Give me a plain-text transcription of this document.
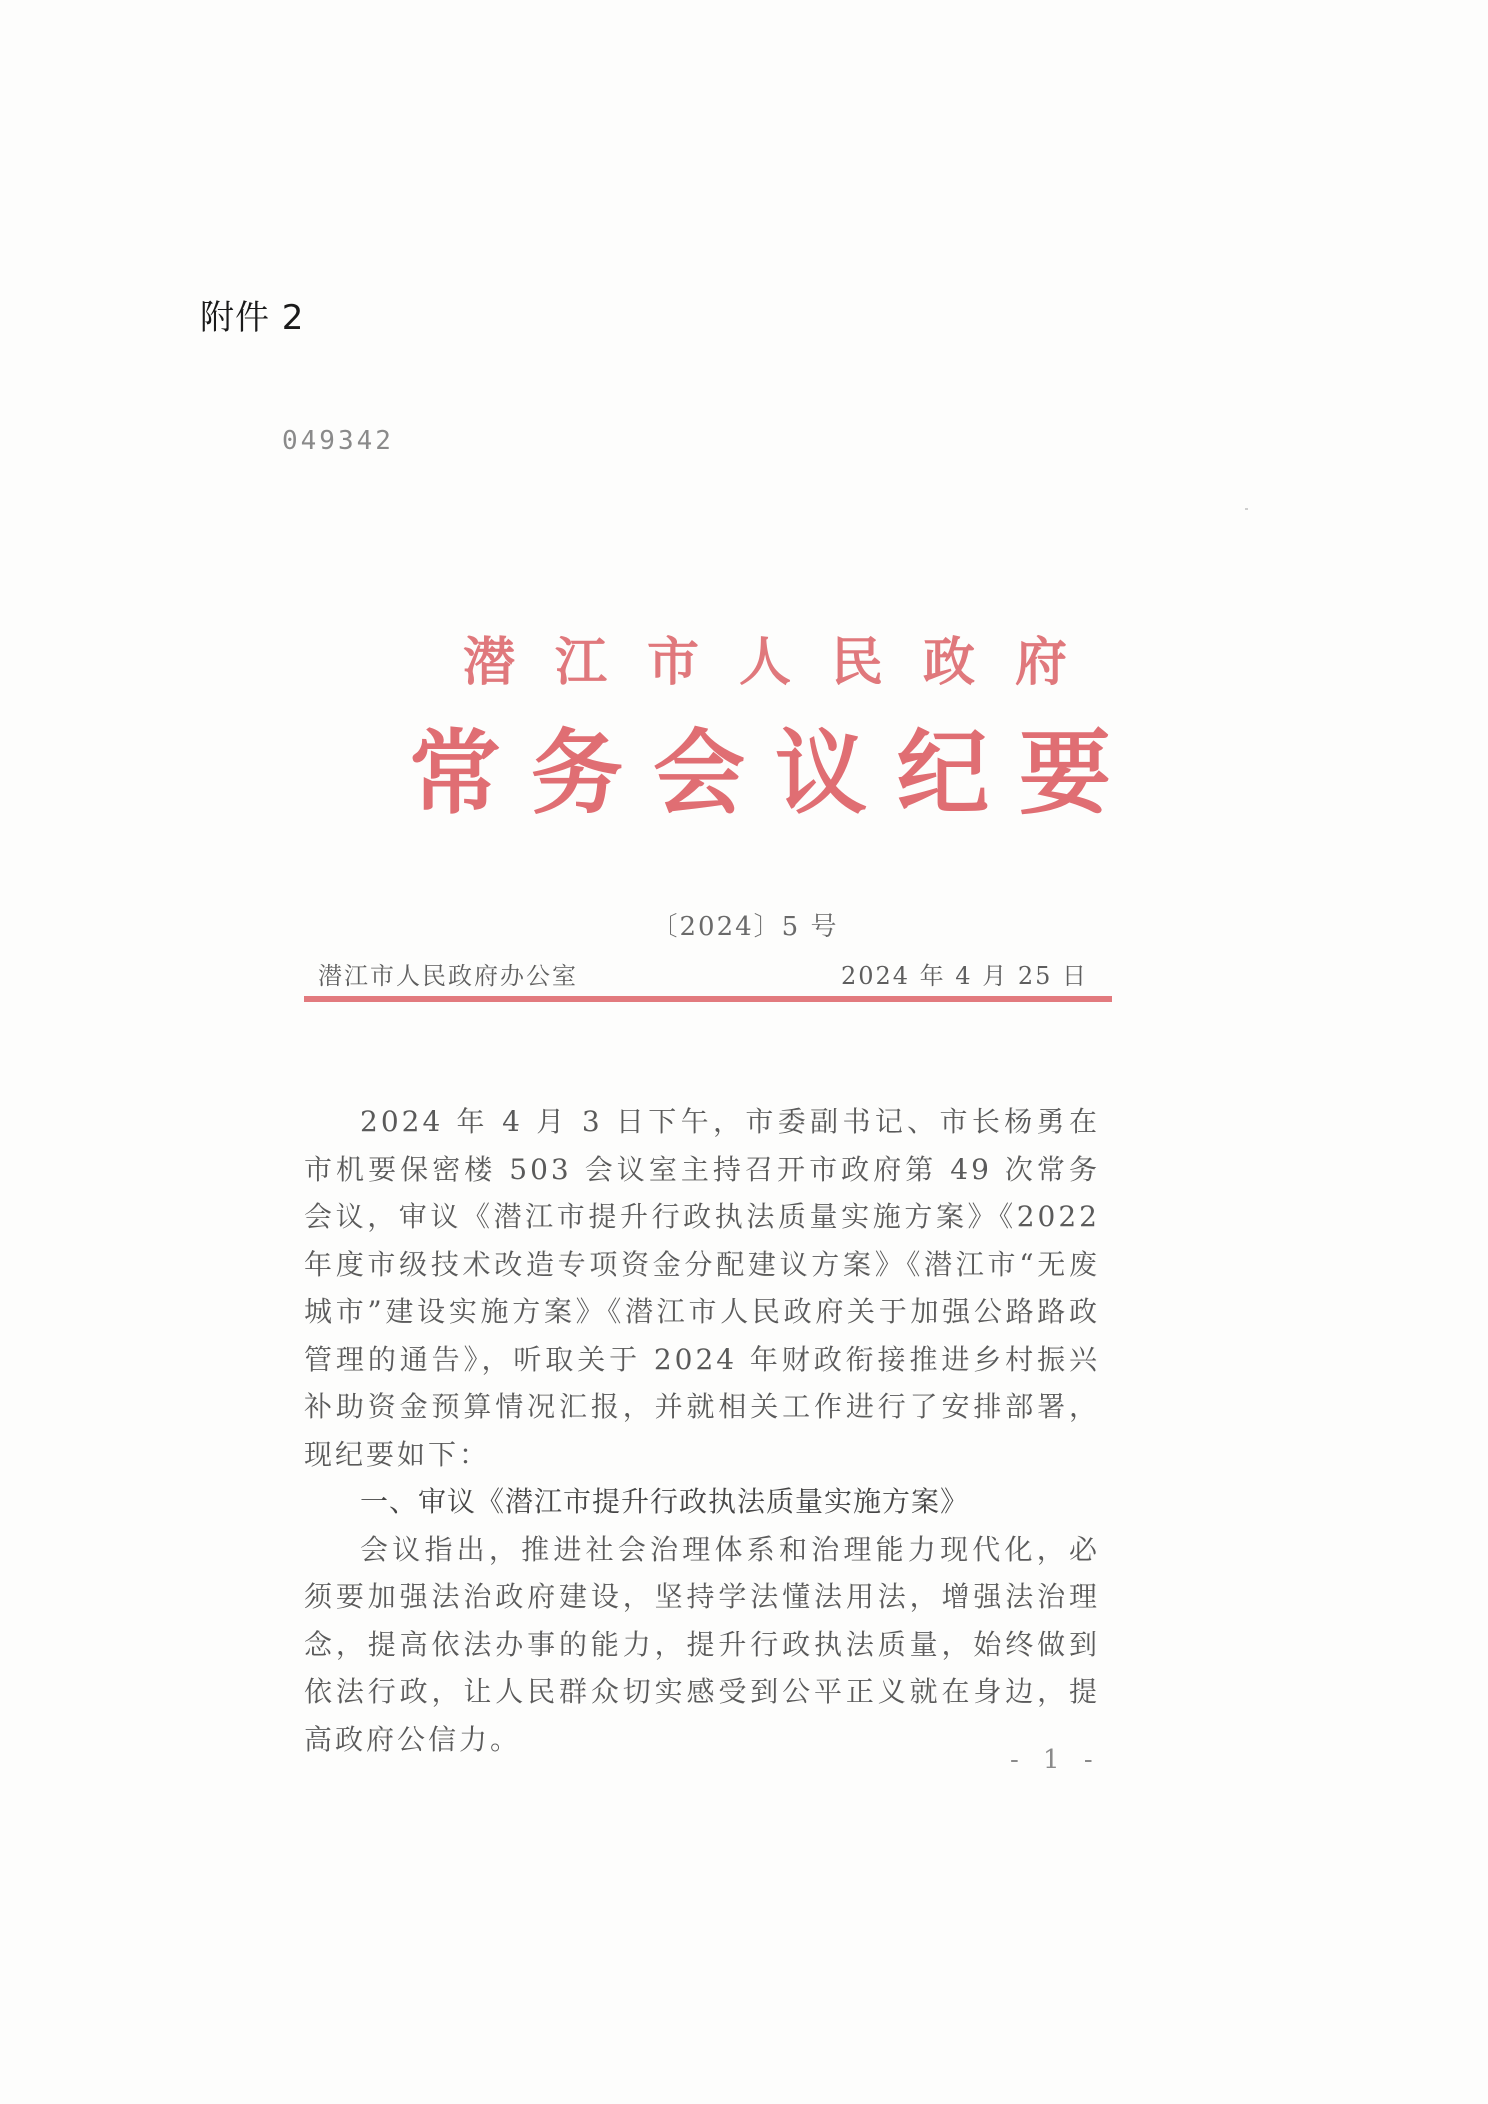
附件 2
049342
潜江市人民政府
常务会议纪要
〔2024〕5 号
潜江市人民政府办公室	2024 年 4 月 25 日

2024 年 4 月 3 日下午，市委副书记、市长杨勇在市机要保密楼 503 会议室主持召开市政府第 49 次常务会议，审议《潜江市提升行政执法质量实施方案》《2022 年度市级技术改造专项资金分配建议方案》《潜江市“无废城市”建设实施方案》《潜江市人民政府关于加强公路路政管理的通告》，听取关于 2024 年财政衔接推进乡村振兴补助资金预算情况汇报，并就相关工作进行了安排部署，现纪要如下：

一、审议《潜江市提升行政执法质量实施方案》

会议指出，推进社会治理体系和治理能力现代化，必须要加强法治政府建设，坚持学法懂法用法，增强法治理念，提高依法办事的能力，提升行政执法质量，始终做到依法行政，让人民群众切实感受到公平正义就在身边，提高政府公信力。

- 1 -
